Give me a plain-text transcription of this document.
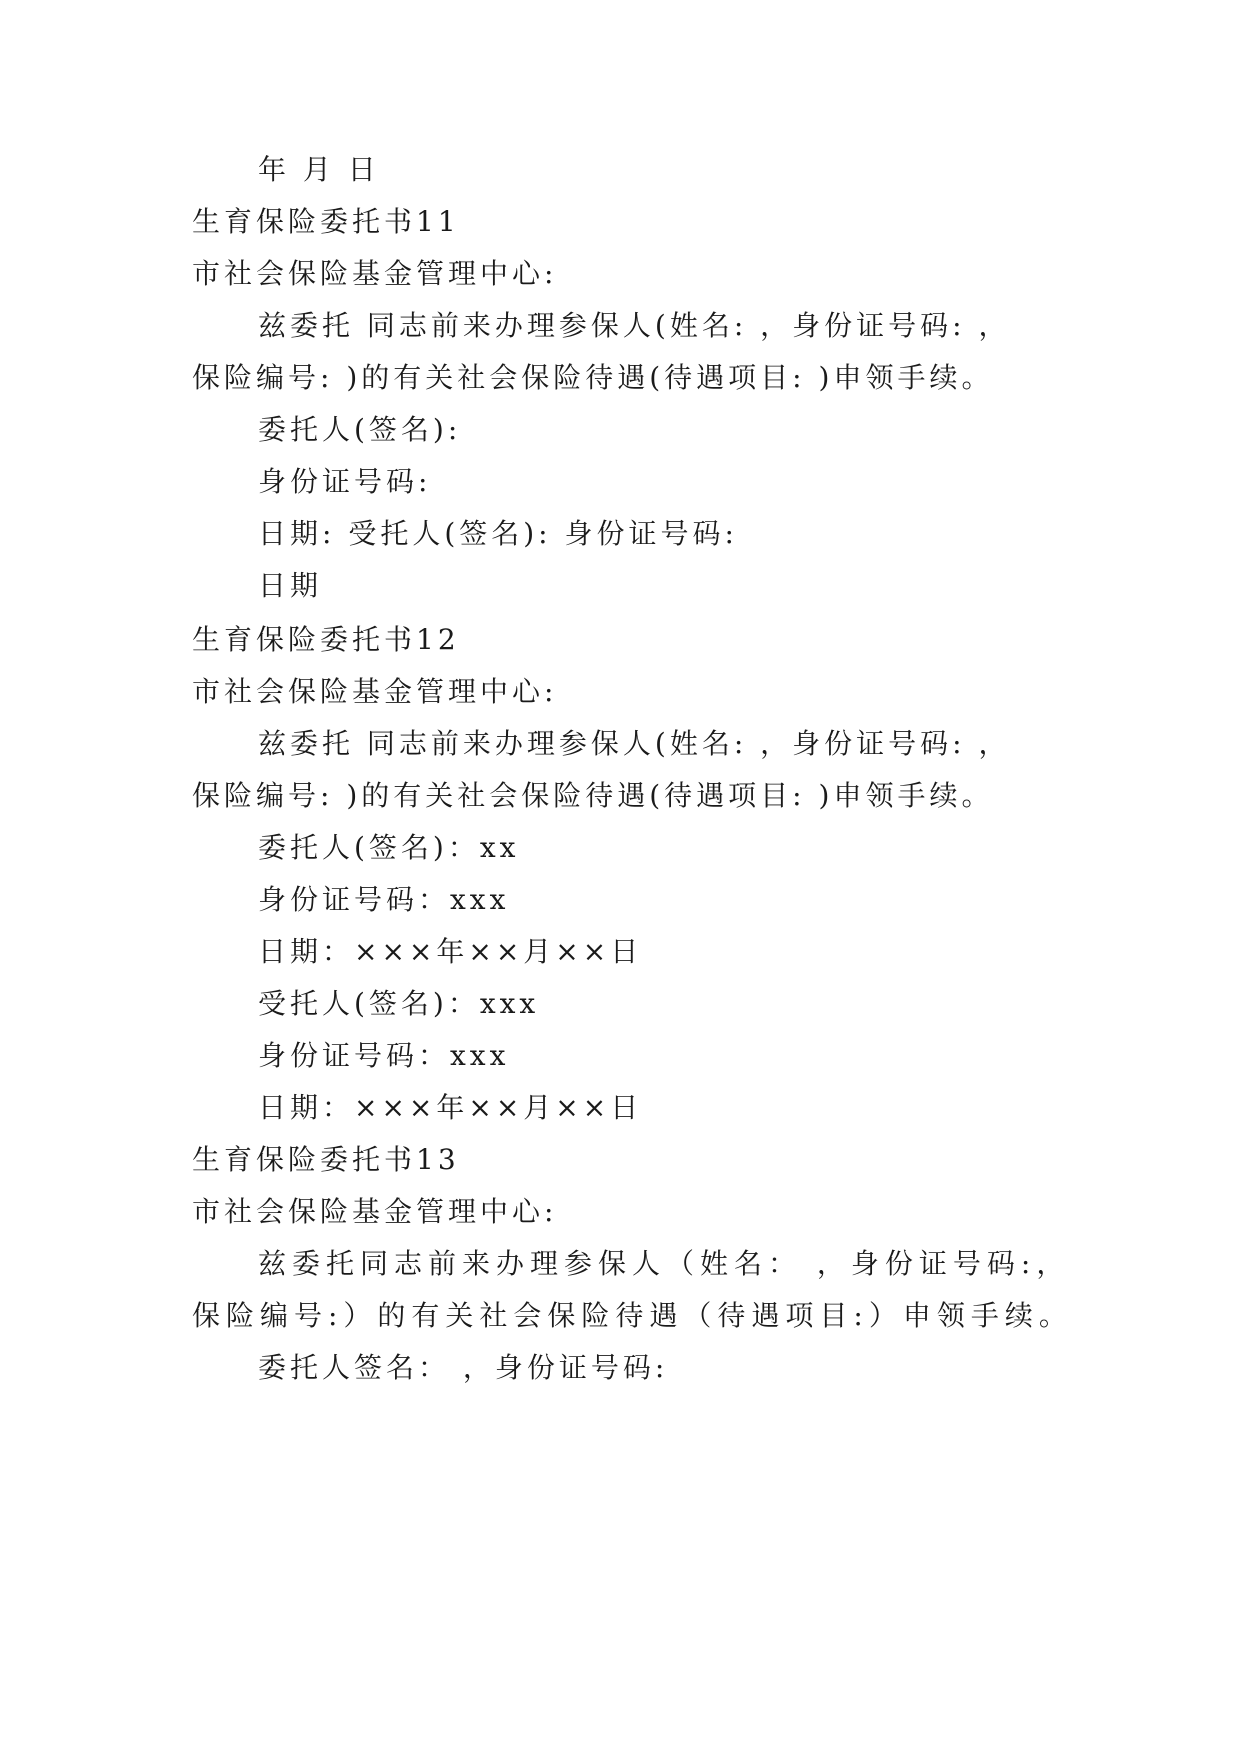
年 月 日
生育保险委托书11
市社会保险基金管理中心:
兹委托 同志前来办理参保人(姓名: ，身份证号码: ，
保险编号: )的有关社会保险待遇(待遇项目: )申领手续。
委托人(签名):
身份证号码:
日期: 受托人(签名): 身份证号码:
日期
生育保险委托书12
市社会保险基金管理中心:
兹委托 同志前来办理参保人(姓名: ，身份证号码: ，
保险编号: )的有关社会保险待遇(待遇项目: )申领手续。
委托人(签名)：xx
身份证号码：xxx
日期：×××年××月××日
受托人(签名)：xxx
身份证号码：xxx
日期：×××年××月××日
生育保险委托书13
市社会保险基金管理中心:
兹委托同志前来办理参保人（姓名： ，身份证号码:，
保险编号:）的有关社会保险待遇（待遇项目:）申领手续。
委托人签名： ，身份证号码:
